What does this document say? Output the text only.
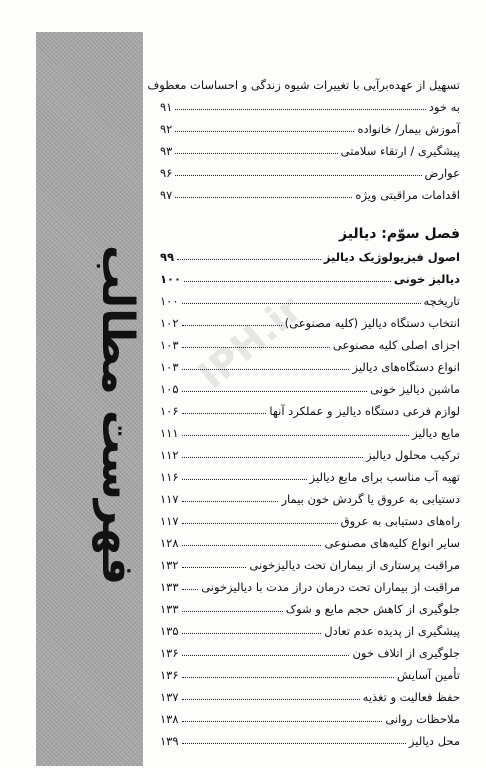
فهرست مطالب IPH.ir
تسهیل از عهده‌برآیی با تغییرات شیوه زندگی و احساسات معطوف
به خود
۹۱
آموزش بیمار/ خانواده
۹۲
پیشگیری / ارتقاء سلامتی
۹۳
عوارض
۹۶
اقدامات مراقبتی ویژه
۹۷
فصل سوّم: دیالیز
اصول فیزیولوژیک دیالیز
۹۹
دیالیز خونی
۱۰۰
تاریخچه
۱۰۰
انتخاب دستگاه دیالیز (کلیه مصنوعی)
۱۰۲
اجزای اصلی کلیه مصنوعی
۱۰۳
انواع دستگاه‌های دیالیز
۱۰۳
ماشین دیالیز خونی
۱۰۵
لوازم فرعی دستگاه دیالیز و عملکرد آنها
۱۰۶
مایع دیالیز
۱۱۱
ترکیب محلول دیالیز
۱۱۲
تهیه آب مناسب برای مایع دیالیز
۱۱۶
دستیابی به عروق یا گردش خون بیمار
۱۱۷
راه‌های دستیابی به عروق
۱۱۷
سایر انواع کلیه‌های مصنوعی
۱۲۸
مراقبت پرستاری از بیماران تحت دیالیزخونی
۱۳۲
مراقبت از بیماران تحت درمان دراز مدت با دیالیزخونی
۱۳۳
جلوگیری از کاهش حجم مایع و شوک
۱۳۳
پیشگیری از پدیده عدم تعادل
۱۳۵
جلوگیری از اتلاف خون
۱۳۶
تأمین آسایش
۱۳۶
حفظ فعالیت و تغذیه
۱۳۷
ملاحظات روانی
۱۳۸
محل دیالیز
۱۳۹
